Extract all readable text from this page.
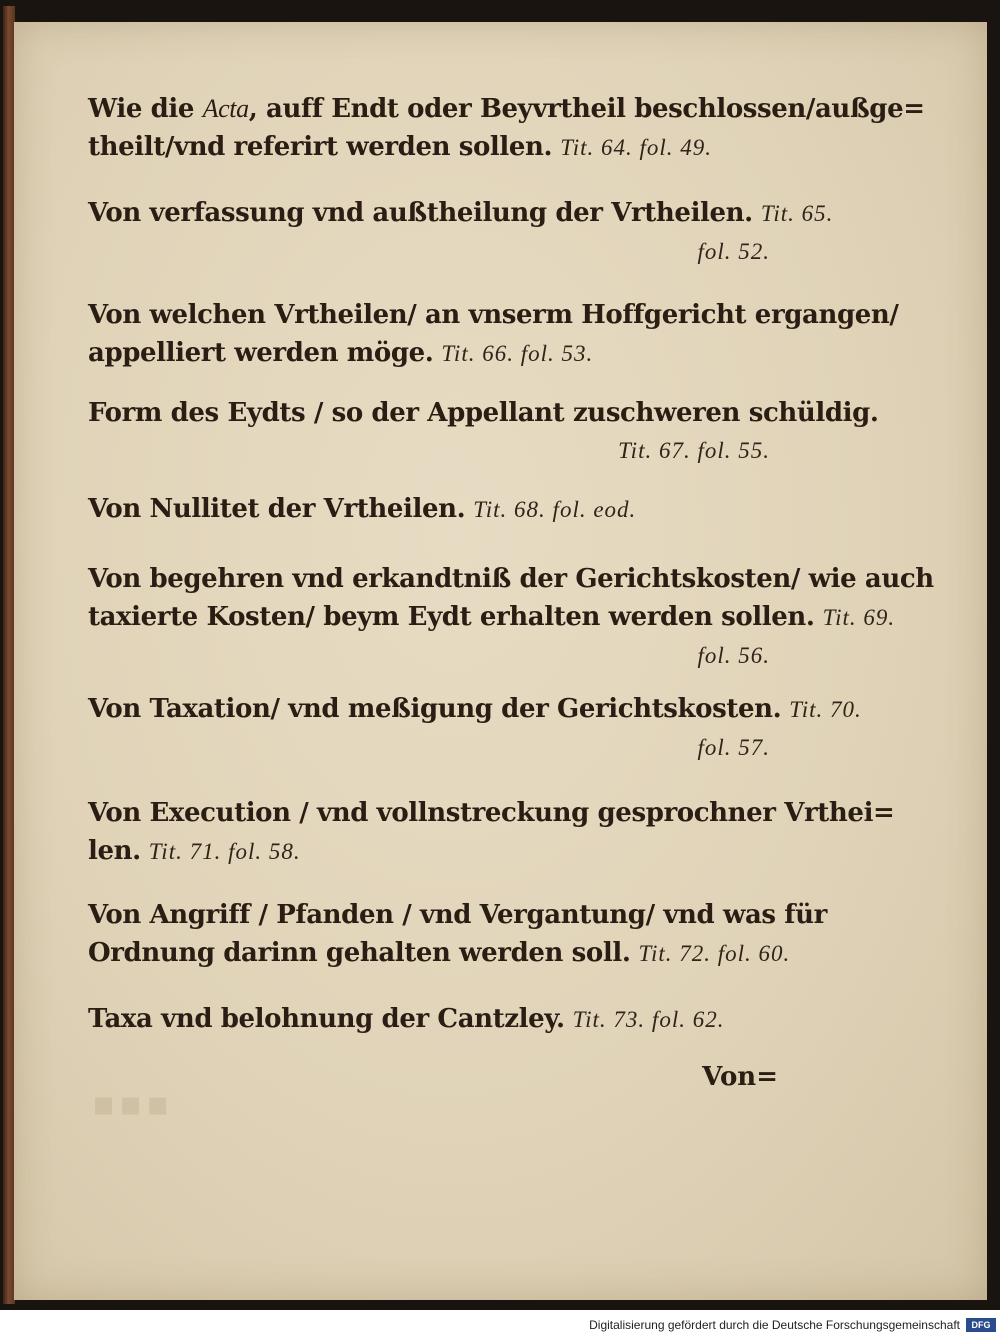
▪▪▪
Wie die Acta, auff Endt oder Beyvrtheil beschlossen/außge=
theilt/vnd referirt werden sollen. Tit. 64. fol. 49.
Von verfassung vnd außtheilung der Vrtheilen. Tit. 65.
fol. 52.
Von welchen Vrtheilen/ an vnserm Hoffgericht ergangen/
appelliert werden möge. Tit. 66. fol. 53.
Form des Eydts / so der Appellant zuschweren schüldig.
Tit. 67. fol. 55.
Von Nullitet der Vrtheilen. Tit. 68. fol. eod.
Von begehren vnd erkandtniß der Gerichtskosten/ wie auch
taxierte Kosten/ beym Eydt erhalten werden sollen. Tit. 69.
fol. 56.
Von Taxation/ vnd meßigung der Gerichtskosten. Tit. 70.
fol. 57.
Von Execution / vnd vollnstreckung gesprochner Vrthei=
len. Tit. 71. fol. 58.
Von Angriff / Pfanden / vnd Vergantung/ vnd was für
Ordnung darinn gehalten werden soll. Tit. 72. fol. 60.
Taxa vnd belohnung der Cantzley. Tit. 73. fol. 62.
Von=
Digitalisierung gefördert durch die Deutsche Forschungsgemeinschaft	DFG
